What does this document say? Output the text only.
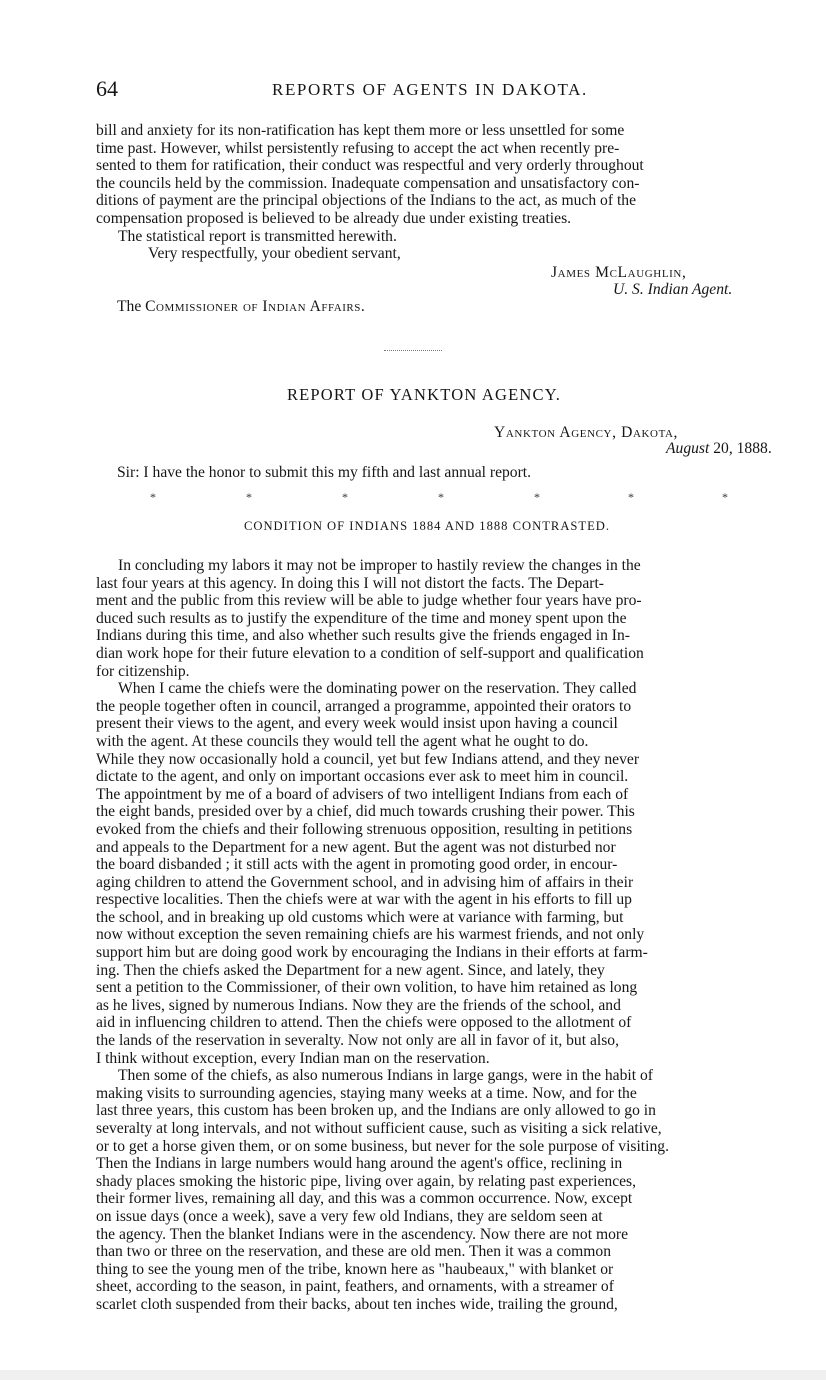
64	REPORTS OF AGENTS IN DAKOTA.

bill and anxiety for its non-ratification has kept them more or less unsettled for some
time past. However, whilst persistently refusing to accept the act when recently pre-
sented to them for ratification, their conduct was respectful and very orderly throughout
the councils held by the commission. Inadequate compensation and unsatisfactory con-
ditions of payment are the principal objections of the Indians to the act, as much of the
compensation proposed is believed to be already due under existing treaties.

The statistical report is transmitted herewith.

Very respectfully, your obedient servant,
James McLaughlin,
U. S. Indian Agent.
The Commissioner of Indian Affairs.
REPORT OF YANKTON AGENCY.
Yankton Agency, Dakota,
August 20, 1888.
Sir: I have the honor to submit this my fifth and last annual report.
*	*	*	*	*	*	*
CONDITION OF INDIANS 1884 AND 1888 CONTRASTED.

In concluding my labors it may not be improper to hastily review the changes in the
last four years at this agency. In doing this I will not distort the facts. The Depart-
ment and the public from this review will be able to judge whether four years have pro-
duced such results as to justify the expenditure of the time and money spent upon the
Indians during this time, and also whether such results give the friends engaged in In-
dian work hope for their future elevation to a condition of self-support and qualification
for citizenship.

When I came the chiefs were the dominating power on the reservation. They called
the people together often in council, arranged a programme, appointed their orators to
present their views to the agent, and every week would insist upon having a council
with the agent. At these councils they would tell the agent what he ought to do.
While they now occasionally hold a council, yet but few Indians attend, and they never
dictate to the agent, and only on important occasions ever ask to meet him in council.
The appointment by me of a board of advisers of two intelligent Indians from each of
the eight bands, presided over by a chief, did much towards crushing their power. This
evoked from the chiefs and their following strenuous opposition, resulting in petitions
and appeals to the Department for a new agent. But the agent was not disturbed nor
the board disbanded ; it still acts with the agent in promoting good order, in encour-
aging children to attend the Government school, and in advising him of affairs in their
respective localities. Then the chiefs were at war with the agent in his efforts to fill up
the school, and in breaking up old customs which were at variance with farming, but
now without exception the seven remaining chiefs are his warmest friends, and not only
support him but are doing good work by encouraging the Indians in their efforts at farm-
ing. Then the chiefs asked the Department for a new agent. Since, and lately, they
sent a petition to the Commissioner, of their own volition, to have him retained as long
as he lives, signed by numerous Indians. Now they are the friends of the school, and
aid in influencing children to attend. Then the chiefs were opposed to the allotment of
the lands of the reservation in severalty. Now not only are all in favor of it, but also,
I think without exception, every Indian man on the reservation.

Then some of the chiefs, as also numerous Indians in large gangs, were in the habit of
making visits to surrounding agencies, staying many weeks at a time. Now, and for the
last three years, this custom has been broken up, and the Indians are only allowed to go in
severalty at long intervals, and not without sufficient cause, such as visiting a sick relative,
or to get a horse given them, or on some business, but never for the sole purpose of visiting.
Then the Indians in large numbers would hang around the agent's office, reclining in
shady places smoking the historic pipe, living over again, by relating past experiences,
their former lives, remaining all day, and this was a common occurrence. Now, except
on issue days (once a week), save a very few old Indians, they are seldom seen at
the agency. Then the blanket Indians were in the ascendency. Now there are not more
than two or three on the reservation, and these are old men. Then it was a common
thing to see the young men of the tribe, known here as "haubeaux," with blanket or
sheet, according to the season, in paint, feathers, and ornaments, with a streamer of
scarlet cloth suspended from their backs, about ten inches wide, trailing the ground,
